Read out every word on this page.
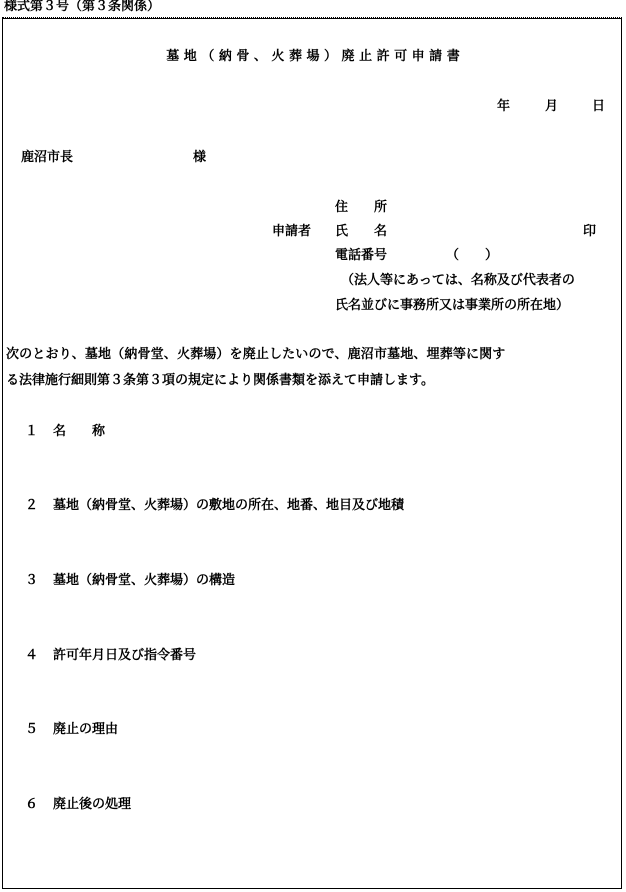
様式第３号（第３条関係）
墓 地 （ 納 骨 、 火 葬 場 ） 廃 止 許 可 申 請 書
年	月	日
鹿沼市長	様
住　　所
申請者 氏　　名	印
電話番号	（　　）
（法人等にあっては、名称及び代表者の
氏名並びに事務所又は事業所の所在地）
次のとおり、墓地（納骨堂、火葬場）を廃止したいので、鹿沼市墓地、埋葬等に関す
る法律施行細則第３条第３項の規定により関係書類を添えて申請します。
１ 名　　称
２ 墓地（納骨堂、火葬場）の敷地の所在、地番、地目及び地積
３ 墓地（納骨堂、火葬場）の構造
４ 許可年月日及び指令番号
５ 廃止の理由
６ 廃止後の処理
